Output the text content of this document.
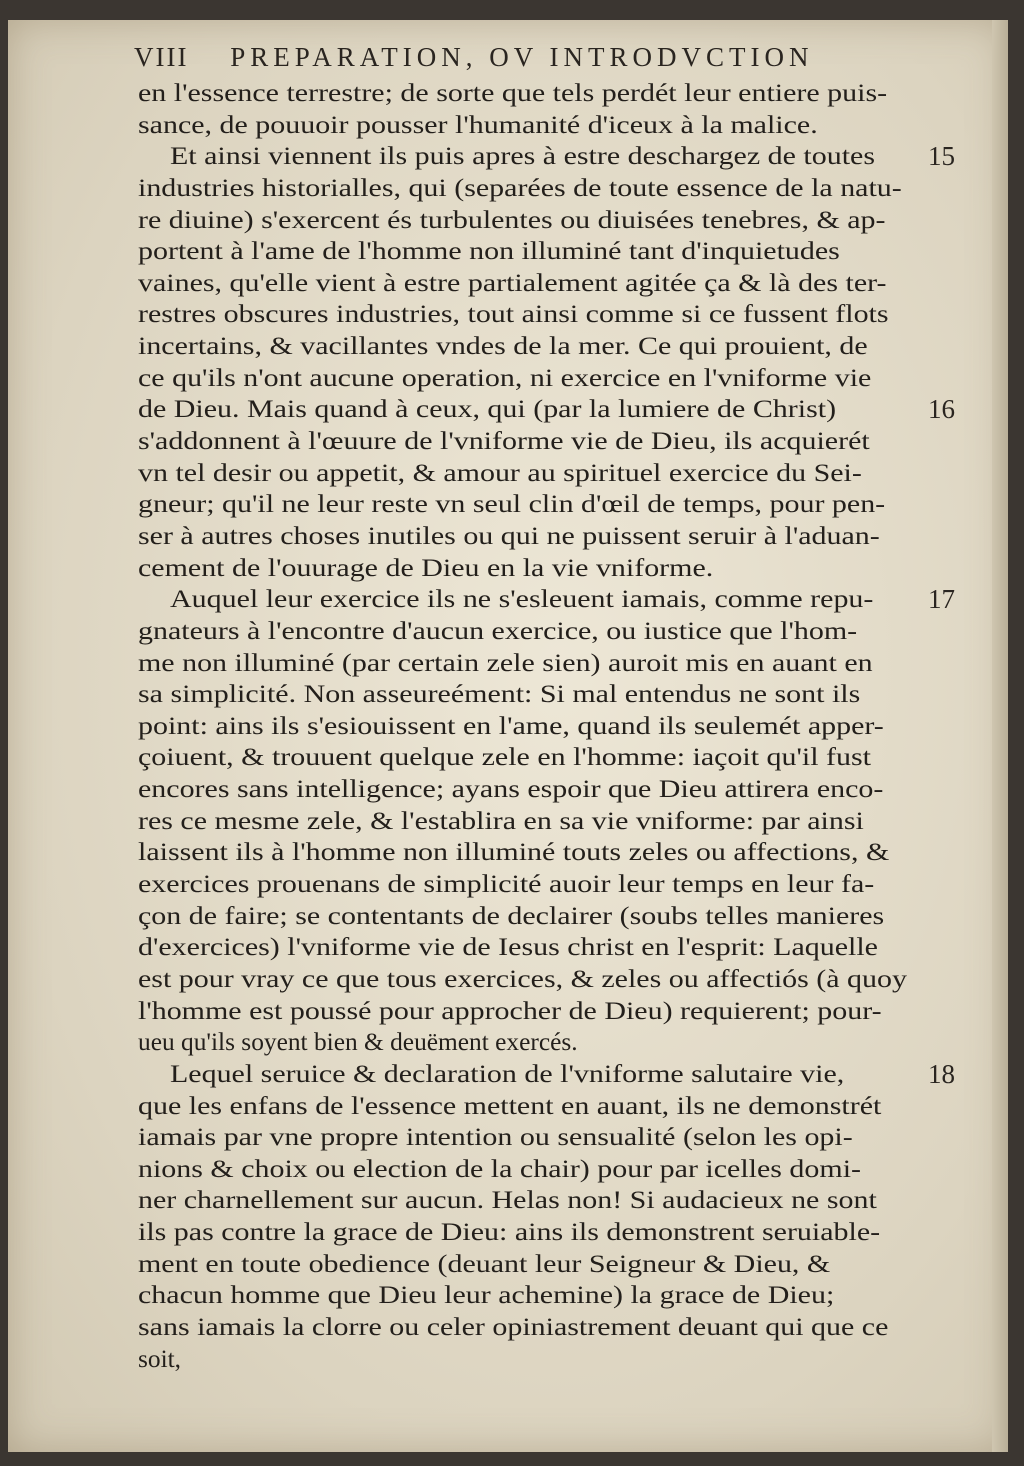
VIII PREPARATION, OV INTRODVCTION
en l'essence terrestre; de sorte que tels perdét leur entiere puis-
sance, de pouuoir pousser l'humanité d'iceux à la malice.
Et ainsi viennent ils puis apres à estre deschargez de toutes 15
industries historialles, qui (separées de toute essence de la natu-
re diuine) s'exercent és turbulentes ou diuisées tenebres, & ap-
portent à l'ame de l'homme non illuminé tant d'inquietudes
vaines, qu'elle vient à estre partialement agitée ça & là des ter-
restres obscures industries, tout ainsi comme si ce fussent flots
incertains, & vacillantes vndes de la mer. Ce qui prouient, de
ce qu'ils n'ont aucune operation, ni exercice en l'vniforme vie
de Dieu. Mais quand à ceux, qui (par la lumiere de Christ)	16
s'addonnent à l'œuure de l'vniforme vie de Dieu, ils acquierét
vn tel desir ou appetit, & amour au spirituel exercice du Sei-
gneur; qu'il ne leur reste vn seul clin d'œil de temps, pour pen-
ser à autres choses inutiles ou qui ne puissent seruir à l'aduan-
cement de l'ouurage de Dieu en la vie vniforme.
Auquel leur exercice ils ne s'esleuent iamais, comme repu- 17
gnateurs à l'encontre d'aucun exercice, ou iustice que l'hom-
me non illuminé (par certain zele sien) auroit mis en auant en
sa simplicité. Non asseureément: Si mal entendus ne sont ils
point: ains ils s'esiouissent en l'ame, quand ils seulemét apper-
çoiuent, & trouuent quelque zele en l'homme: iaçoit qu'il fust
encores sans intelligence; ayans espoir que Dieu attirera enco-
res ce mesme zele, & l'establira en sa vie vniforme: par ainsi
laissent ils à l'homme non illuminé touts zeles ou affections, &
exercices prouenans de simplicité auoir leur temps en leur fa-
çon de faire; se contentants de declairer (soubs telles manieres
d'exercices) l'vniforme vie de Iesus christ en l'esprit: Laquelle
est pour vray ce que tous exercices, & zeles ou affectiós (à quoy
l'homme est poussé pour approcher de Dieu) requierent; pour-
ueu qu'ils soyent bien & deuëment exercés.
Lequel seruice & declaration de l'vniforme salutaire vie,	18
que les enfans de l'essence mettent en auant, ils ne demonstrét
iamais par vne propre intention ou sensualité (selon les opi-
nions & choix ou election de la chair) pour par icelles domi-
ner charnellement sur aucun. Helas non! Si audacieux ne sont
ils pas contre la grace de Dieu: ains ils demonstrent seruiable-
ment en toute obedience (deuant leur Seigneur & Dieu, &
chacun homme que Dieu leur achemine) la grace de Dieu;
sans iamais la clorre ou celer opiniastrement deuant qui que ce
soit,
